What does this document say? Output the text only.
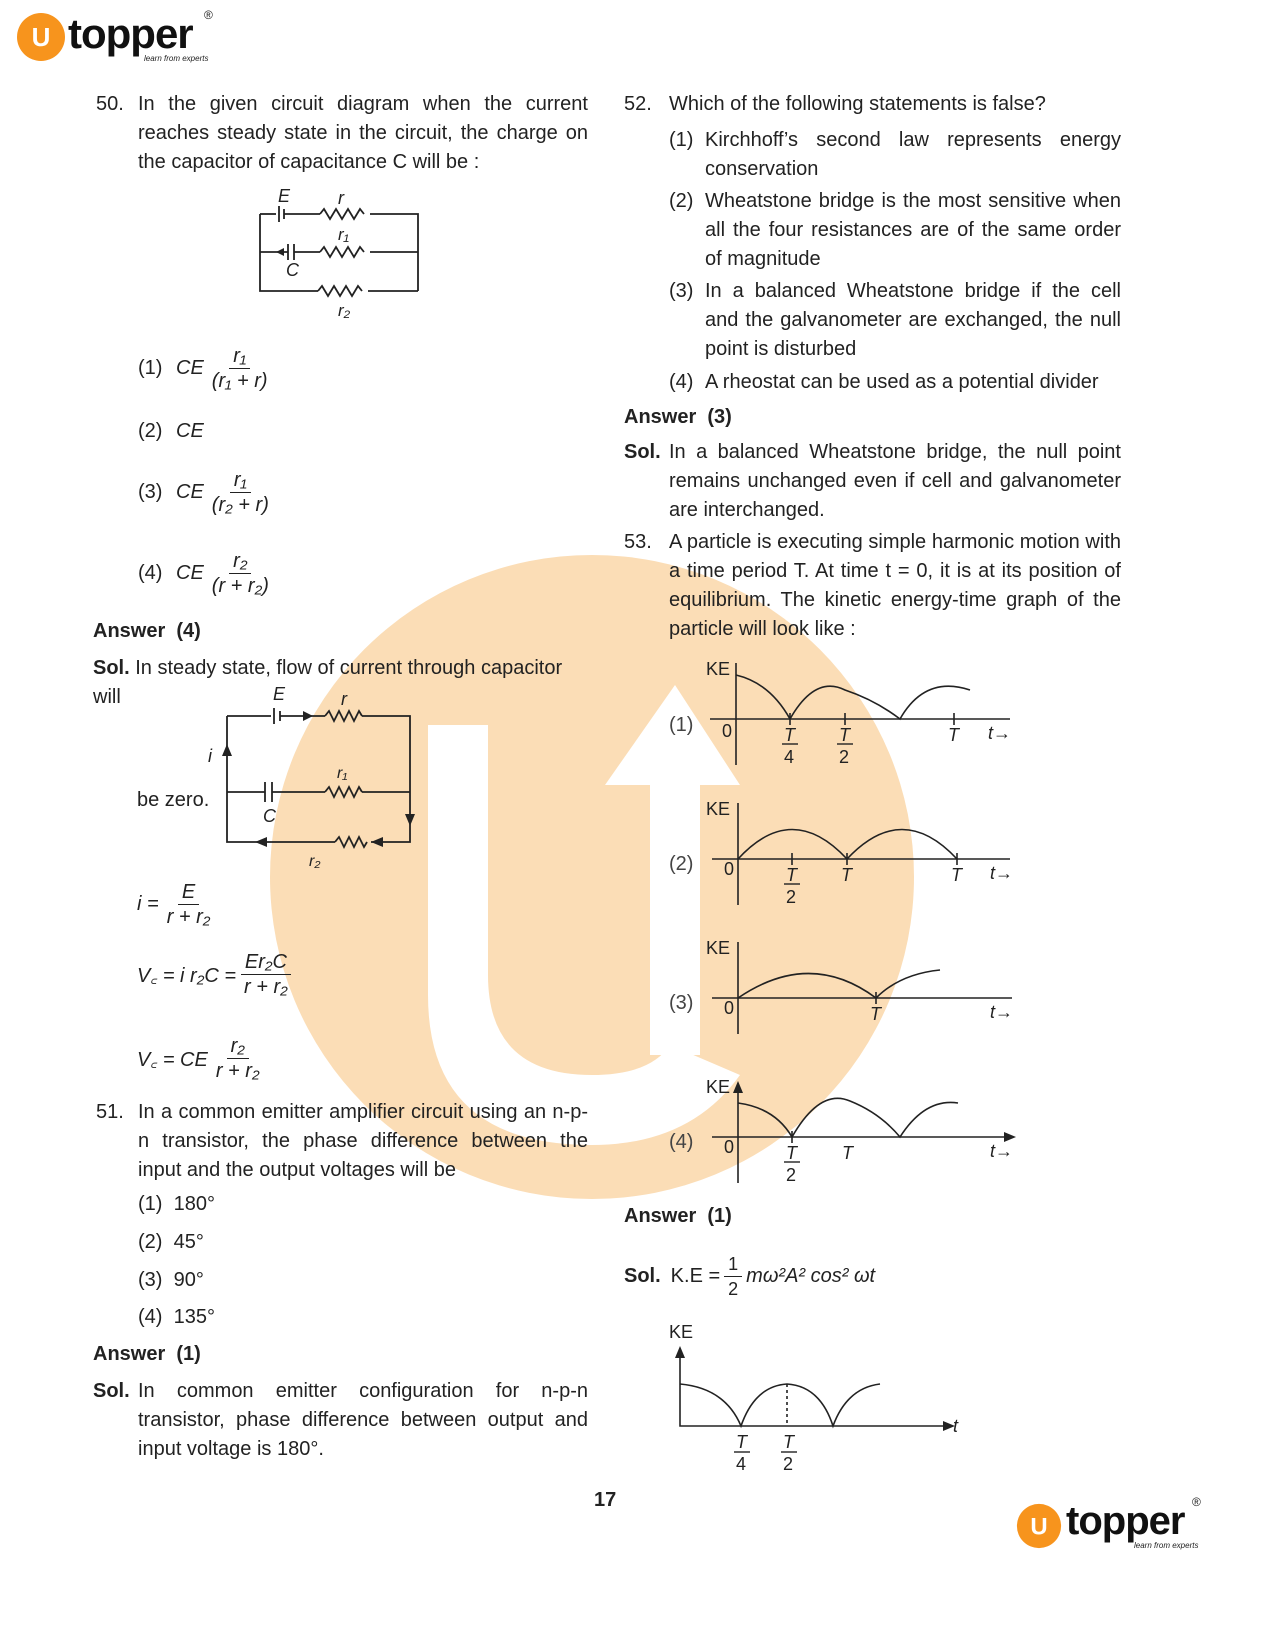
U topper ®
learn from experts
50. In the given circuit diagram when the current reaches steady state in the circuit, the charge on the capacitor of capacitance C will be :
E	r
r₁
C
r₂
(1) CE $\frac{\text{r₁}}{\text{(r₁ + r)}}$
(2) CE
(3) CE $\frac{\text{r₁}}{\text{(r₂ + r)}}$
(4) CE $\frac{\text{r₂}}{\text{(r + r₂)}}$
Answer (4)
Sol. In steady state, flow of current through capacitor will	E	r
i
r₁
C
r₂
be zero.
$i = \frac{E}{\text{r + r₂}}$
V꜀ = i $r_2C = \frac{\text{Er₂C}}{\text{r + r₂}}$
V꜀ = CE $\frac{\text{r₂}}{\text{r + r₂}}$
51. In a common emitter amplifier circuit using an n-p-n transistor, the phase difference between the input and the output voltages will be
(1) 180°
(2) 45°
(3) 90°
(4) 135°
Answer (1)
Sol. In common emitter configuration for n-p-n transistor, phase difference between output and input voltage is 180°.
52. Which of the following statements is false?
(1) Kirchhoff’s second law represents energy conservation
(2) Wheatstone bridge is the most sensitive when all the four resistances are of the same order of magnitude
(3) In a balanced Wheatstone bridge if the cell and the galvanometer are exchanged, the null point is disturbed
(4) A rheostat can be used as a potential divider
Answer (3)
Sol. In a balanced Wheatstone bridge, the null point remains unchanged even if cell and galvanometer are interchanged.
53. A particle is executing simple harmonic motion with a time period T. At time t = 0, it is at its position of equilibrium. The kinetic energy-time graph of the particle will look like :
(1)
KE
0	T
4
T
2
T t→
(2)
KE
0	T
2
T	T t→
(3)
KE
0	T	t→
(4)
KE
0	T
2
T	t→
Answer (1)
Sol. $K.E = \frac{1}{2} m\omega^2A^2$ cos² ωt
KE
t
T
4
T
2
17
U topper ®
learn from experts
